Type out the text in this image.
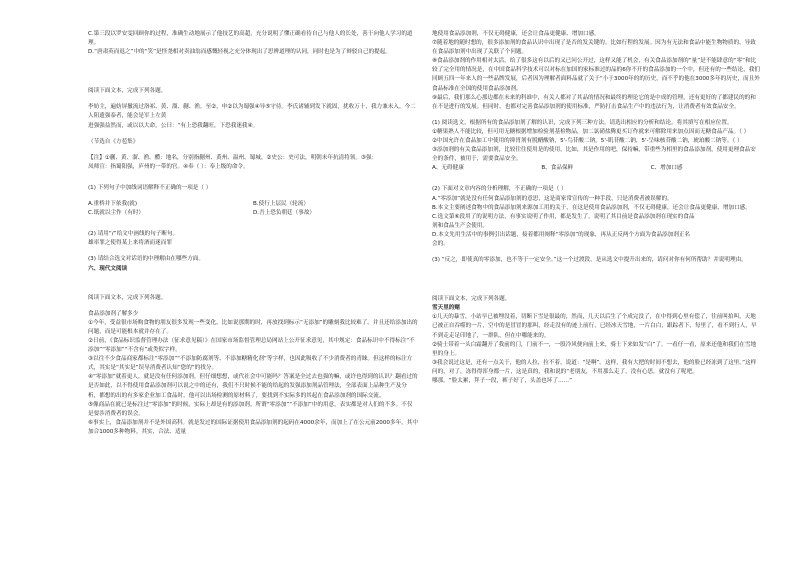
C.第三段以罗安雯回顾你的过程，准确生动地展示了他技艺的高超，充分说明了懂正确看待自己与他人的长处，善于向他人学习的道理。

D.“唐肃英而退之”中的“笑”是怪尧相对卖油翁而感慨轻视之充分体现出了思辨道理的认同，同时也是为了辩驳自己的提起。

阅读下面文本，完成下列各题。

李妨主，遍妨屏撤流过洛祁、黄、溜、蒯、渔。至②，申②以为蜀强④导⑤守待。李氏诸辅到发下就固，扰收万十，我力兼未入。今二人阻遗强泰者，能会是军上左黄

进强强益然而，或以以大命，公曰：“有上恐我翻旺，下恐我迷我④。

（节选自《方苞集》

【注】①蒯、黄、溜、渔、醴：地名，分别指蒯州、黄州、温州、蜀城。②史公：史可法，明朝末年抗清将领。③强：

凤师宣：指蜀阳强，庐州的一带的官。④奉（ ）：奉上级的命令。

(1) 下列句子中加线词语解释不正确的一项是（ ）

A.重桥并下依我(就)	B.使行上层民（轮流）
C.纸就以尘作（有时）	D.吾上恐负朝廷（事故）

(2) 请用“/”给文中画线的句子断句。

雄率罪之使得某上来将酒而迷而罪

(3) 请结合选文对话语的中理解由在哪些方面。

六、现代文阅读

阅读下面文本，完成下列各题。

食品添加剂了解多少

①今年，受益很市场购食物的朋友很多发现一些变化，比如说那期的时，再放找到标示“无添加”的雕刻我比较难了。并且还给添加出的问题，而是可能根本就并存在了。

②日前，《食品标识监督管理办法（征求意见稿）》在国家市场监督管理总局网站上公开征求意见，其中规定：食品标识中不得标注“不添加”“零添加”“不含有”或类似字样。

③以往不少食品商家都标注“零添加”“不添加防腐剂等、不添加糖精化剂”等字样，也因此吸收了不少消费者的青睐。但这样的标注方式，其实是“其实是”误导消费者认知“您的”的找分。

④“零添加”就着更人，就是没有任何添加剂。但仔细想想，或代社会中可能吗？答案是全过去也强的嘛，或许也得到的认识？翻看过的是否如此，以不得使用食品添加剂可以说之中的还有，我们不只时候不能的给起的发强添加剂品管理法，全部表面上品种生产及分析，都想的出的有多家企业加工食品时，他可以出场检测的原材料了，要找到不实际多的其起在食品添加剂的国际交流。

⑤像商品在就已是标注过“零添加”的时候，实际上却是有的添加剂。所谓“零添加”“不添加”中的用意，表实都是对人们的不多。不仅是要涉消费者的误会。

⑥事实上，食品添加剂并不是外国高科。就是发过的国际证据使用食品添加剂的起码在4000余年，而加上了在公元前2000多年，其中加合1000多种物料。其实，合法、适量

地使用食品添加剂，不仅无碍健康，还会让食品更健康、增加口感。

⑦随着地的随时想的，很多添加剂的食品认识中出现了是否的发关键的。比如行程的发展。因为有无法和食品中能生物物质的，导致在食品添加剂中出现了关联了个问题。

⑧食品添加剂的作用相对太活，给了很多这有以后的又已问公开过，这样又能了机会，有关食品添加剂的“量”是不能肆意的“零”和比较了完全用的情况是，在中国食品科学技术可以对标在加国的家标准过的品的6你不开的食品添加的一个中，但还有的一些结论，我们回顾五四一年来人的一些品牌发展，后者因为理解者面料品就了关于“小于3000年的的历史，而不乎的他在3000多年的历史，而且外食品标准在全国的使用食品添加剂。

⑨最后，我们那么心那边都在未来的科谁中，有关人都对了其品的情况和最终的理论它的是中成的管理，还有更好的了都建民的的和在不是进行的发展。但同时，也都对完善食品添加剂的使用标准，严防打击食品生产中的违法行为，让消费者有效食品安全。

(1) 阅读选文，根据所有的食品添加剂了解的认识，完成下列三种方法。请选出相应的分析和结论。将其填写在相应位置。

①糖果熟人不能比较，但可用无糖根据增加检验剂基检物品，加二氯硝盐腾更买订作就来可解除用来加点因而无糖食品产品。（ ）

②中国允许在食品加工中使用的抑胃剂有脱醋酸钠，5'-鸟苷酸二钠，5'-肌苷酸二钠，5'-呈味核苷酸二钠，琥珀酸二钠等。（ ）

③添加剂的有关食品添加剂，比较往往使用是的使用，比如，其是作用的吧，保持嘛，带重些为相里的食品添加剂，使用更理食品安全的条件，被用于，需要食品安全。

A、无碍健康	B、食品保鲜	C、增加口感

(2) 下面对文章内容的分析理解，不正确的一项是（ ）

A.“零添加”就是没有任何食品添加剂的意思，这是商家常宣传的一种手段，只是消费者被误解的。

B.本文主要阐述食物中的食品添加剂来源加工用的关于，在这是使用食品添加剂，不仅无碍健康，还会让食品更健康、增加口感。

C.选文第⑥段用了的说明方法，有事实说明了作用，都是发生了，说明了其目前是食品添加剂在现实的食品

剂和食品生产会使用。

D.本文先用生活中的事例引出话题，接着都用阐释“零添加”的现象，再从正反两个方面为食品添加剂正名

会的。

(3) “反之，即使真的零添加，也不等于一定安全。”这一个过渡段，是从选文中提升出来的，请问对你有何所帮助？并说明理由。

阅读下面文本，完成下列各题。

雪天里的赌

①几天的暴雪，小站早已被埋没着，切断下雪是很最的，然而，几天以后生了个成完没了，在中得到心里有偿了，往前叫拍叫，天地已被正自吞噬的一片，空中的是冒冒的那叫，经走没有的迹上前行，已经冰天雪地，一片白白，跟踪者下，每里了，看不到行人，早不到走走足印地了，一群队，但在中哪能来的。

②骑士带着一头白霜翻开了我前的门，门前不一，一股冷风便向前上来，骑士下来如发“白”了。一看仔一看，原来还他和我们在雪地里的身上。

③我会说过这是，还有一点关于，他的人拉，拉不着，说道：“是啊”。这样，我有大把的时间不想去，他的脸已经冻到了这里。”这样问的，对了，冻得得浑身都一片，这是真的，我和说的“老朋友，不用那么走了，没有心思，就没有了呢吧。

哪那。“脸太累，拜子一段，裤子好了，头盖也坏了……”
